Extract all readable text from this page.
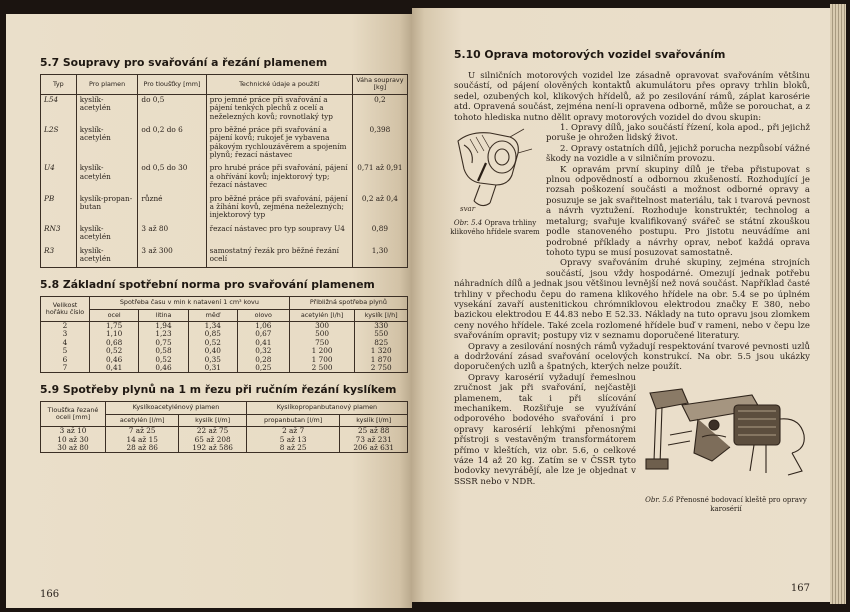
5.7 Soupravy pro svařování a řezání plamenem
Typ	Pro plamen	Pro tloušťky [mm]	Technické údaje a použití	Váha soupravy [kg]
L54	kyslík-acetylén	do 0,5	pro jemné práce při svařování a pájení tenkých plechů z ocelí a neželezných kovů; rovnotlaký typ	0,2
L2S	kyslík-acetylén	od 0,2 do 6	pro běžné práce při svařování a pájení kovů; rukojeť je vybavena pákovým rychlouzávěrem a spojením plynů; řezací nástavec	0,398
U4	kyslík-acetylén	od 0,5 do 30	pro hrubé práce při svařování, pájení a ohřívání kovů; injektorový typ; řezací nástavec	0,71 až 0,91
PB	kyslík-propan-butan	různé	pro běžné práce při svařování, pájení a žíhání kovů, zejména neželezných; injektorový typ	0,2 až 0,4
RN3	kyslík-acetylén	3 až 80	řezací nástavec pro typ soupravy U4	0,89
R3	kyslík-acetylén	3 až 300	samostatný řezák pro běžné řezání ocelí	1,30
5.8 Základní spotřební norma pro svařování plamenem
Velikost hořáku číslo	Spotřeba času v min k natavení 1 cm³ kovu				Přibližná spotřeba plynů	
	ocel	litina	měď	olovo	acetylén [l/h]	kyslík [l/h]
2	1,75	1,94	1,34	1,06	300	330
3	1,10	1,23	0,85	0,67	500	550
4	0,68	0,75	0,52	0,41	750	825
5	0,52	0,58	0,40	0,32	1 200	1 320
6	0,46	0,52	0,35	0,28	1 700	1 870
7	0,41	0,46	0,31	0,25	2 500	2 750
5.9 Spotřeby plynů na 1 m řezu při ručním řezání kyslíkem
Tloušťka řezané oceli [mm]	Kyslíkoacetylénový plamen		Kyslíkopropanbutanový plamen	
	acetylén [l/m]	kyslík [l/m]	propanbutan [l/m]	kyslík [l/m]
3 až 10	7 až 25	22 až 75	2 až 7	25 až 88
10 až 30	14 až 15	65 až 208	5 až 13	73 až 231
30 až 80	28 až 86	192 až 586	8 až 25	206 až 631
166
5.10 Oprava motorových vozidel svařováním

U silničních motorových vozidel lze zásadně opravovat svařováním většinu součástí, od pájení olověných kontaktů akumulátoru přes opravy trhlin bloků, sedel, ozubených kol, klikových hřídelů, až po zesilování rámů, záplat karosérie atd. Opravená součást, zejména není-li opravena odborně, může se porouchat, a z tohoto hlediska nutno dělit opravy motorových vozidel do dvou skupin:

svar
Obr. 5.4 Oprava trhliny klikového hřídele svarem

1. Opravy dílů, jako součástí řízení, kola apod., při jejichž poruše je ohrožen lidský život.

2. Opravy ostatních dílů, jejichž porucha nezpůsobí vážné škody na vozidle a v silničním provozu.

K opravám první skupiny dílů je třeba přistupovat s plnou odpovědností a odbornou zkušeností. Rozhodující je rozsah poškození součásti a možnost odborné opravy a posuzuje se jak svařitelnost materiálu, tak i tvarová pevnost a návrh vyztužení. Rozhoduje konstruktér, technolog a metalurg; svařuje kvalifikovaný svářeč se státní zkouškou podle stanoveného postupu. Pro jistotu neuvádíme ani podrobné příklady a návrhy oprav, neboť každá oprava tohoto typu se musí posuzovat samostatně.

Opravy svařováním druhé skupiny, zejména strojních součástí, jsou vždy hospodárné. Omezují jednak potřebu náhradních dílů a jednak jsou většinou levnější než nová součást. Například časté trhliny v přechodu čepu do ramena klikového hřídele na obr. 5.4 se po úplném vysekání zavaří austenitickou chrómniklovou elektrodou značky E 380, nebo bazickou elektrodou E 44.83 nebo E 52.33. Náklady na tuto opravu jsou zlomkem ceny nového hřídele. Také zcela rozlomené hřídele buď v rameni, nebo v čepu lze svařováním opravit; postupy viz v seznamu doporučené literatury.

Opravy a zesilování nosných rámů vyžadují respektování tvarové pevnosti uzlů a dodržování zásad svařování ocelových konstrukcí. Na obr. 5.5 jsou ukázky doporučených uzlů a špatných, kterých nelze použít.

Obr. 5.6 Přenosné bodovací kleště pro opravy karosérií

Opravy karosérií vyžadují řemeslnou zručnost jak při svařování, nejčastěji plamenem, tak i při slícování mechanikem. Rozšiřuje se využívání odporového bodového svařování i pro opravy karosérií lehkými přenosnými přístroji s vestavěným transformátorem přímo v kleštích, viz obr. 5.6, o celkové váze 14 až 20 kg. Zatím se v ČSSR tyto bodovky nevyrábějí, ale lze je objednat v SSSR nebo v NDR.

167
